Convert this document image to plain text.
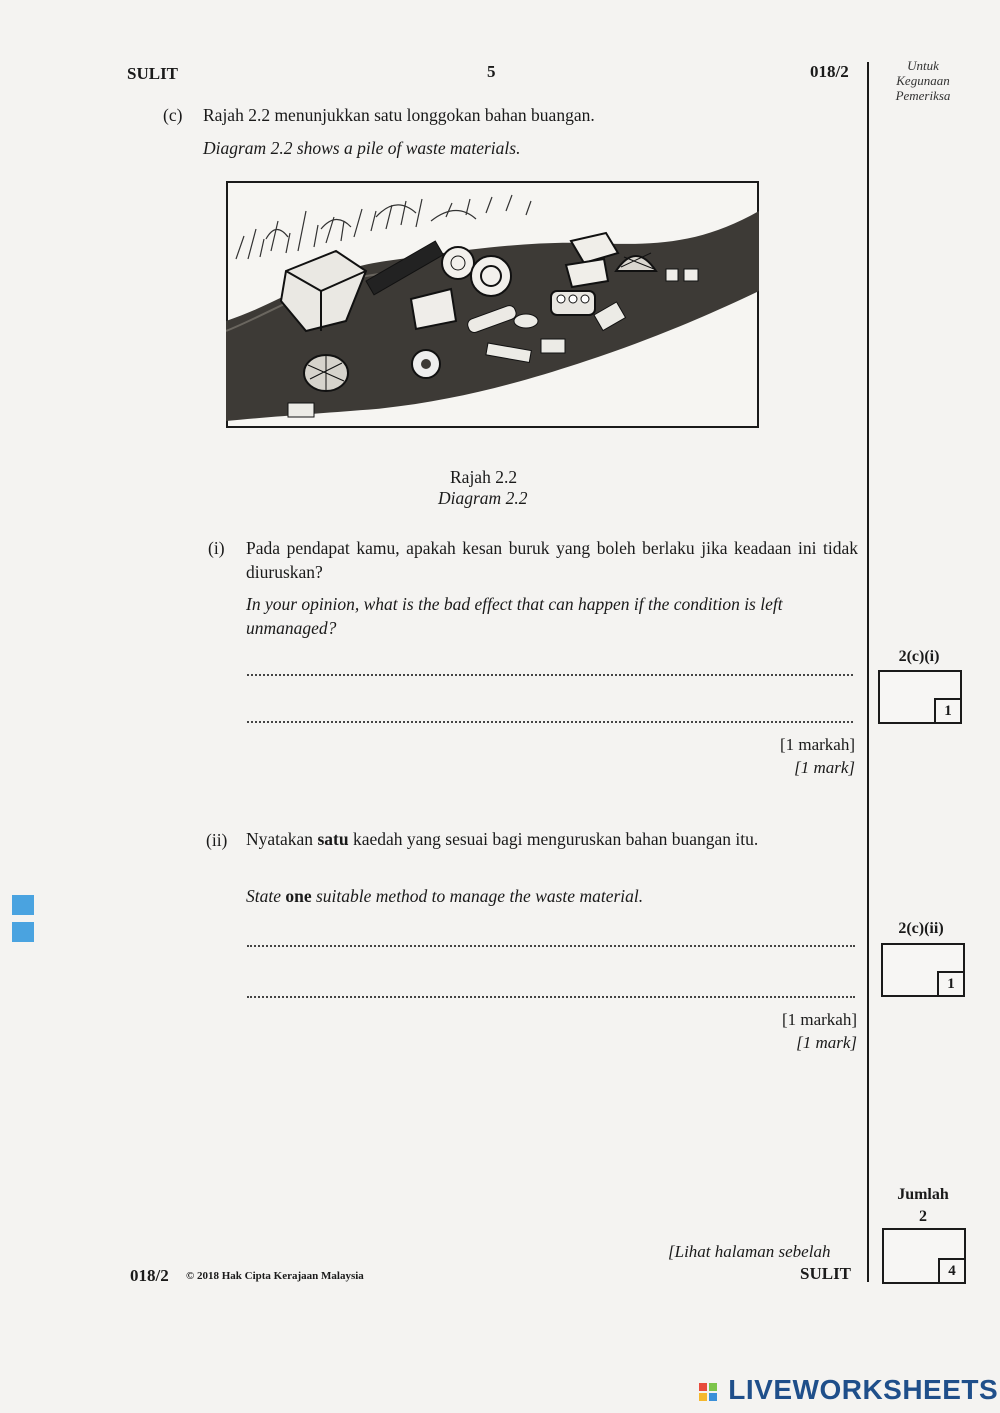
SULIT	5	018/2	Untuk
Kegunaan
Pemeriksa
(c) Rajah 2.2 menunjukkan satu longgokan bahan buangan.
Diagram 2.2 shows a pile of waste materials.
Rajah 2.2
Diagram 2.2
(i) Pada pendapat kamu, apakah kesan buruk yang boleh berlaku jika keadaan ini tidak diuruskan?
In your opinion, what is the bad effect that can happen if the condition is left unmanaged?
[1 markah]
[1 mark]
2(c)(i)
1
(ii) Nyatakan satu kaedah yang sesuai bagi menguruskan bahan buangan itu.
State one suitable method to manage the waste material.
[1 markah]
[1 mark]
2(c)(ii)
1
Jumlah
2
4
018/2 © 2018 Hak Cipta Kerajaan Malaysia
[Lihat halaman sebelah
SULIT
LIVEWORKSHEETS
